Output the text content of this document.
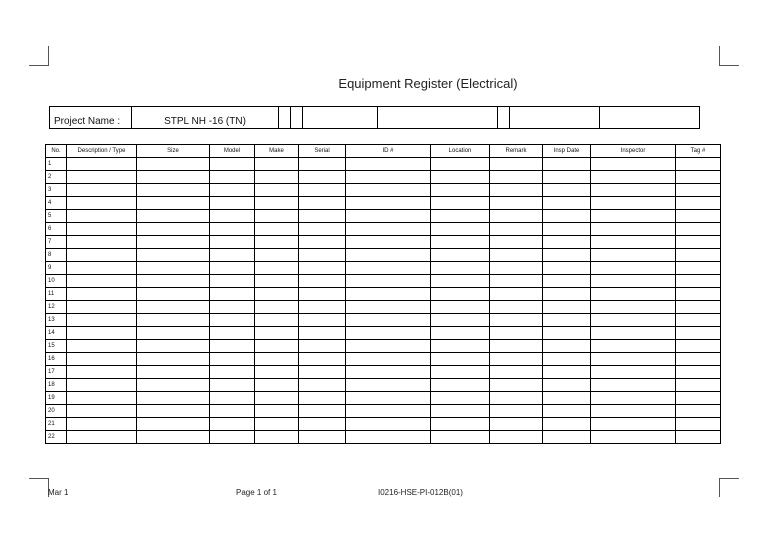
Equipment Register (Electrical)
Project Name :	STPL NH -16 (TN)
No.	Description / Type	Size	Model	Make	Serial	ID #	Location	Remark	Insp Date	Inspector	Tag #
1											
2											
3											
4											
5											
6											
7											
8											
9											
10											
11											
12											
13											
14											
15											
16											
17											
18											
19											
20											
21											
22											
Mar 1	Page 1 of 1	I0216-HSE-PI-012B(01)
